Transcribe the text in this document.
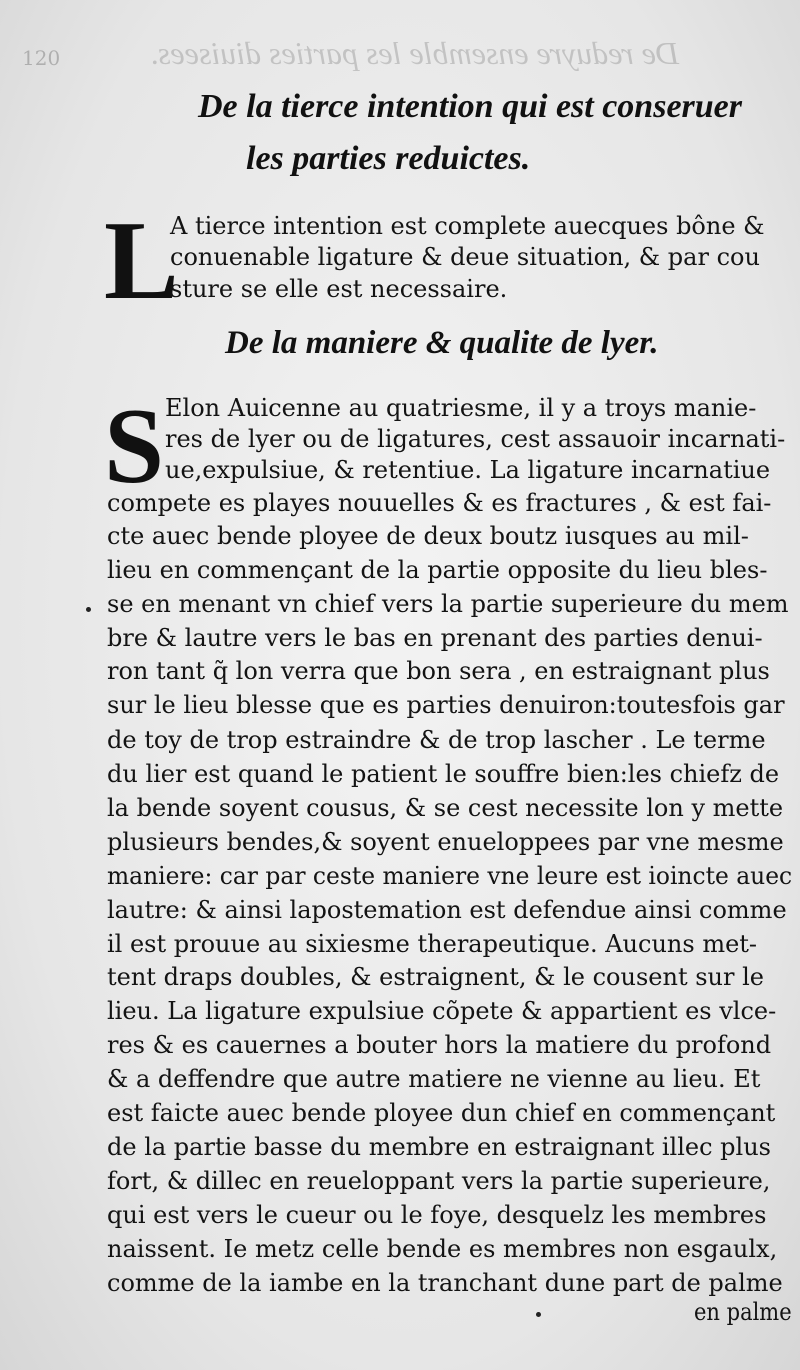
De reduyre ensemble les parties diuisees.
120
De la tierce intention qui est conseruer
les parties reduictes.
L
A tierce intention est complete auecques bône &
conuenable ligature & deue situation, & par cou
sture se elle est necessaire.
De la maniere & qualite de lyer.
S Elon Auicenne au quatriesme, il y a troys manie-
res de lyer ou de ligatures, cest assauoir incarnati-
ue,expulsiue, & retentiue. La ligature incarnatiue
compete es playes nouuelles & es fractures , & est fai-
cte auec bende ployee de deux boutz iusques au mil-
lieu en commençant de la partie opposite du lieu bles-
se en menant vn chief vers la partie superieure du mem
bre & lautre vers le bas en prenant des parties denui-
ron tant q̃ lon verra que bon sera , en estraignant plus
sur le lieu blesse que es parties denuiron:toutesfois gar
de toy de trop estraindre & de trop lascher . Le terme
du lier est quand le patient le souffre bien:les chiefz de
la bende soyent cousus, & se cest necessite lon y mette
plusieurs bendes,& soyent enueloppees par vne mesme
maniere: car par ceste maniere vne leure est ioincte auec
lautre: & ainsi lapostemation est defendue ainsi comme
il est prouue au sixiesme therapeutique. Aucuns met-
tent draps doubles, & estraignent, & le cousent sur le
lieu. La ligature expulsiue cõpete & appartient es vlce-
res & es cauernes a bouter hors la matiere du profond
& a deffendre que autre matiere ne vienne au lieu. Et
est faicte auec bende ployee dun chief en commençant
de la partie basse du membre en estraignant illec plus
fort, & dillec en reueloppant vers la partie superieure,
qui est vers le cueur ou le foye, desquelz les membres
naissent. Ie metz celle bende es membres non esgaulx,
comme de la iambe en la tranchant dune part de palme
en palme
